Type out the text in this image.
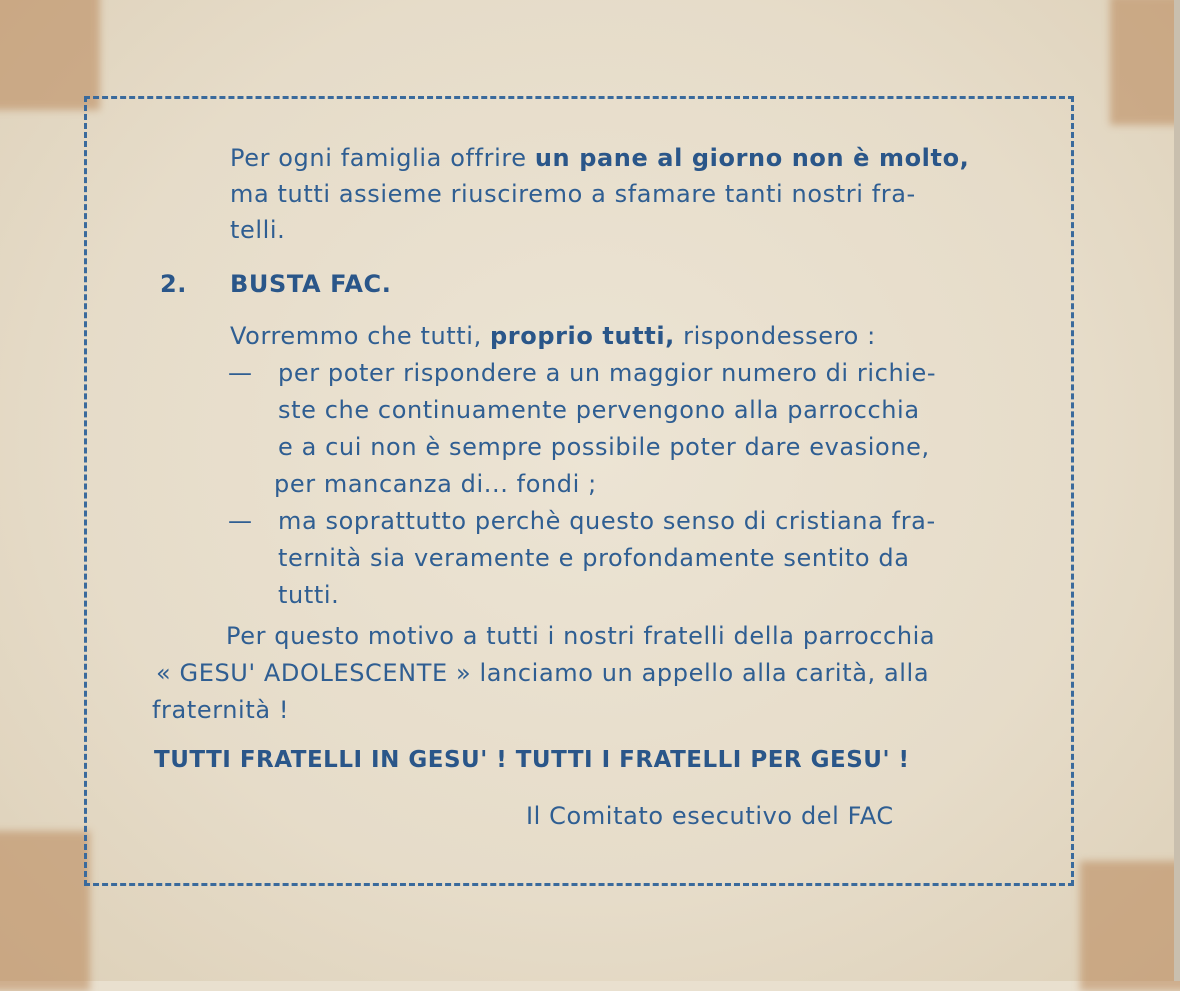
Per ogni famiglia offrire un pane al giorno non è molto,
ma tutti assieme riusciremo a sfamare tanti nostri fra-
telli.
2. BUSTA FAC.
Vorremmo che tutti, proprio tutti, rispondessero :
— per poter rispondere a un maggior numero di richie-
ste che continuamente pervengono alla parrocchia
e a cui non è sempre possibile poter dare evasione,
per mancanza di... fondi ;
— ma soprattutto perchè questo senso di cristiana fra-
ternità sia veramente e profondamente sentito da
tutti.
Per questo motivo a tutti i nostri fratelli della parrocchia
« GESU' ADOLESCENTE » lanciamo un appello alla carità, alla
fraternità !
TUTTI FRATELLI IN GESU' ! TUTTI I FRATELLI PER GESU' !
Il Comitato esecutivo del FAC
